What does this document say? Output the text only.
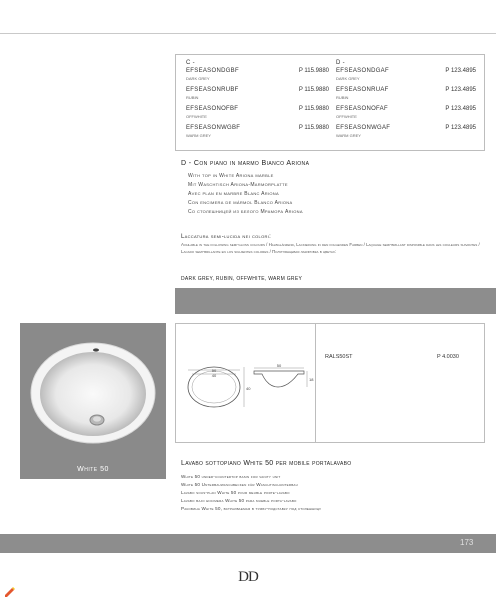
C -
EFSEASONDGBF
DARK GREY
P 115.9880
EFSEASONRUBF
RUBIN
P 115.9880
EFSEASONOFBF
OFFWHITE
P 115.9880
EFSEASONWGBF
WARM GREY
P 115.9880
D -
EFSEASONDGAF
DARK GREY
P 123.4895
EFSEASONRUAF
RUBIN
P 123.4895
EFSEASONOFAF
OFFWHITE
P 123.4895
EFSEASONWGAF
WARM GREY
P 123.4895
D - Con piano in marmo Bianco Ariona
With top in White Ariona marble
Mit Waschtisch Ariona-Marmorplatte
Avec plan en marbre Blanc Ariona
Con encimera de mármol Blanco Ariona
Со столешницей из белого Мрамора Ariona
Laccatura semi-lucida nei colori:
Available in the following semi-gloss colours / Halbglänzend, Lackierung in den folgenden Farben / Laquage semi-brillant disponible dans les couleurs suivantes / Lacado semi-brillante en los siguientes colores / Полуглянцевая лакировка в цветах:
DARK GREY, RUBIN, OFFWHITE, WARM GREY
White 50
50
40
40
50
18
RALS50ST	P 4.0030
Lavabo sottopiano White 50 per mobile portalavabo
White 50 under-countertop basin for vanity unit
White 50 Unterbauwaschbecken für Waschtischunterbau
Lavabo sous-plan White 50 pour meuble porte-lavabo
Lavabo bajo encimera White 50 para mueble porta-lavabo
Раковина White 50, встраиваемая в тумбу-подставку под столешницу
173
DD
